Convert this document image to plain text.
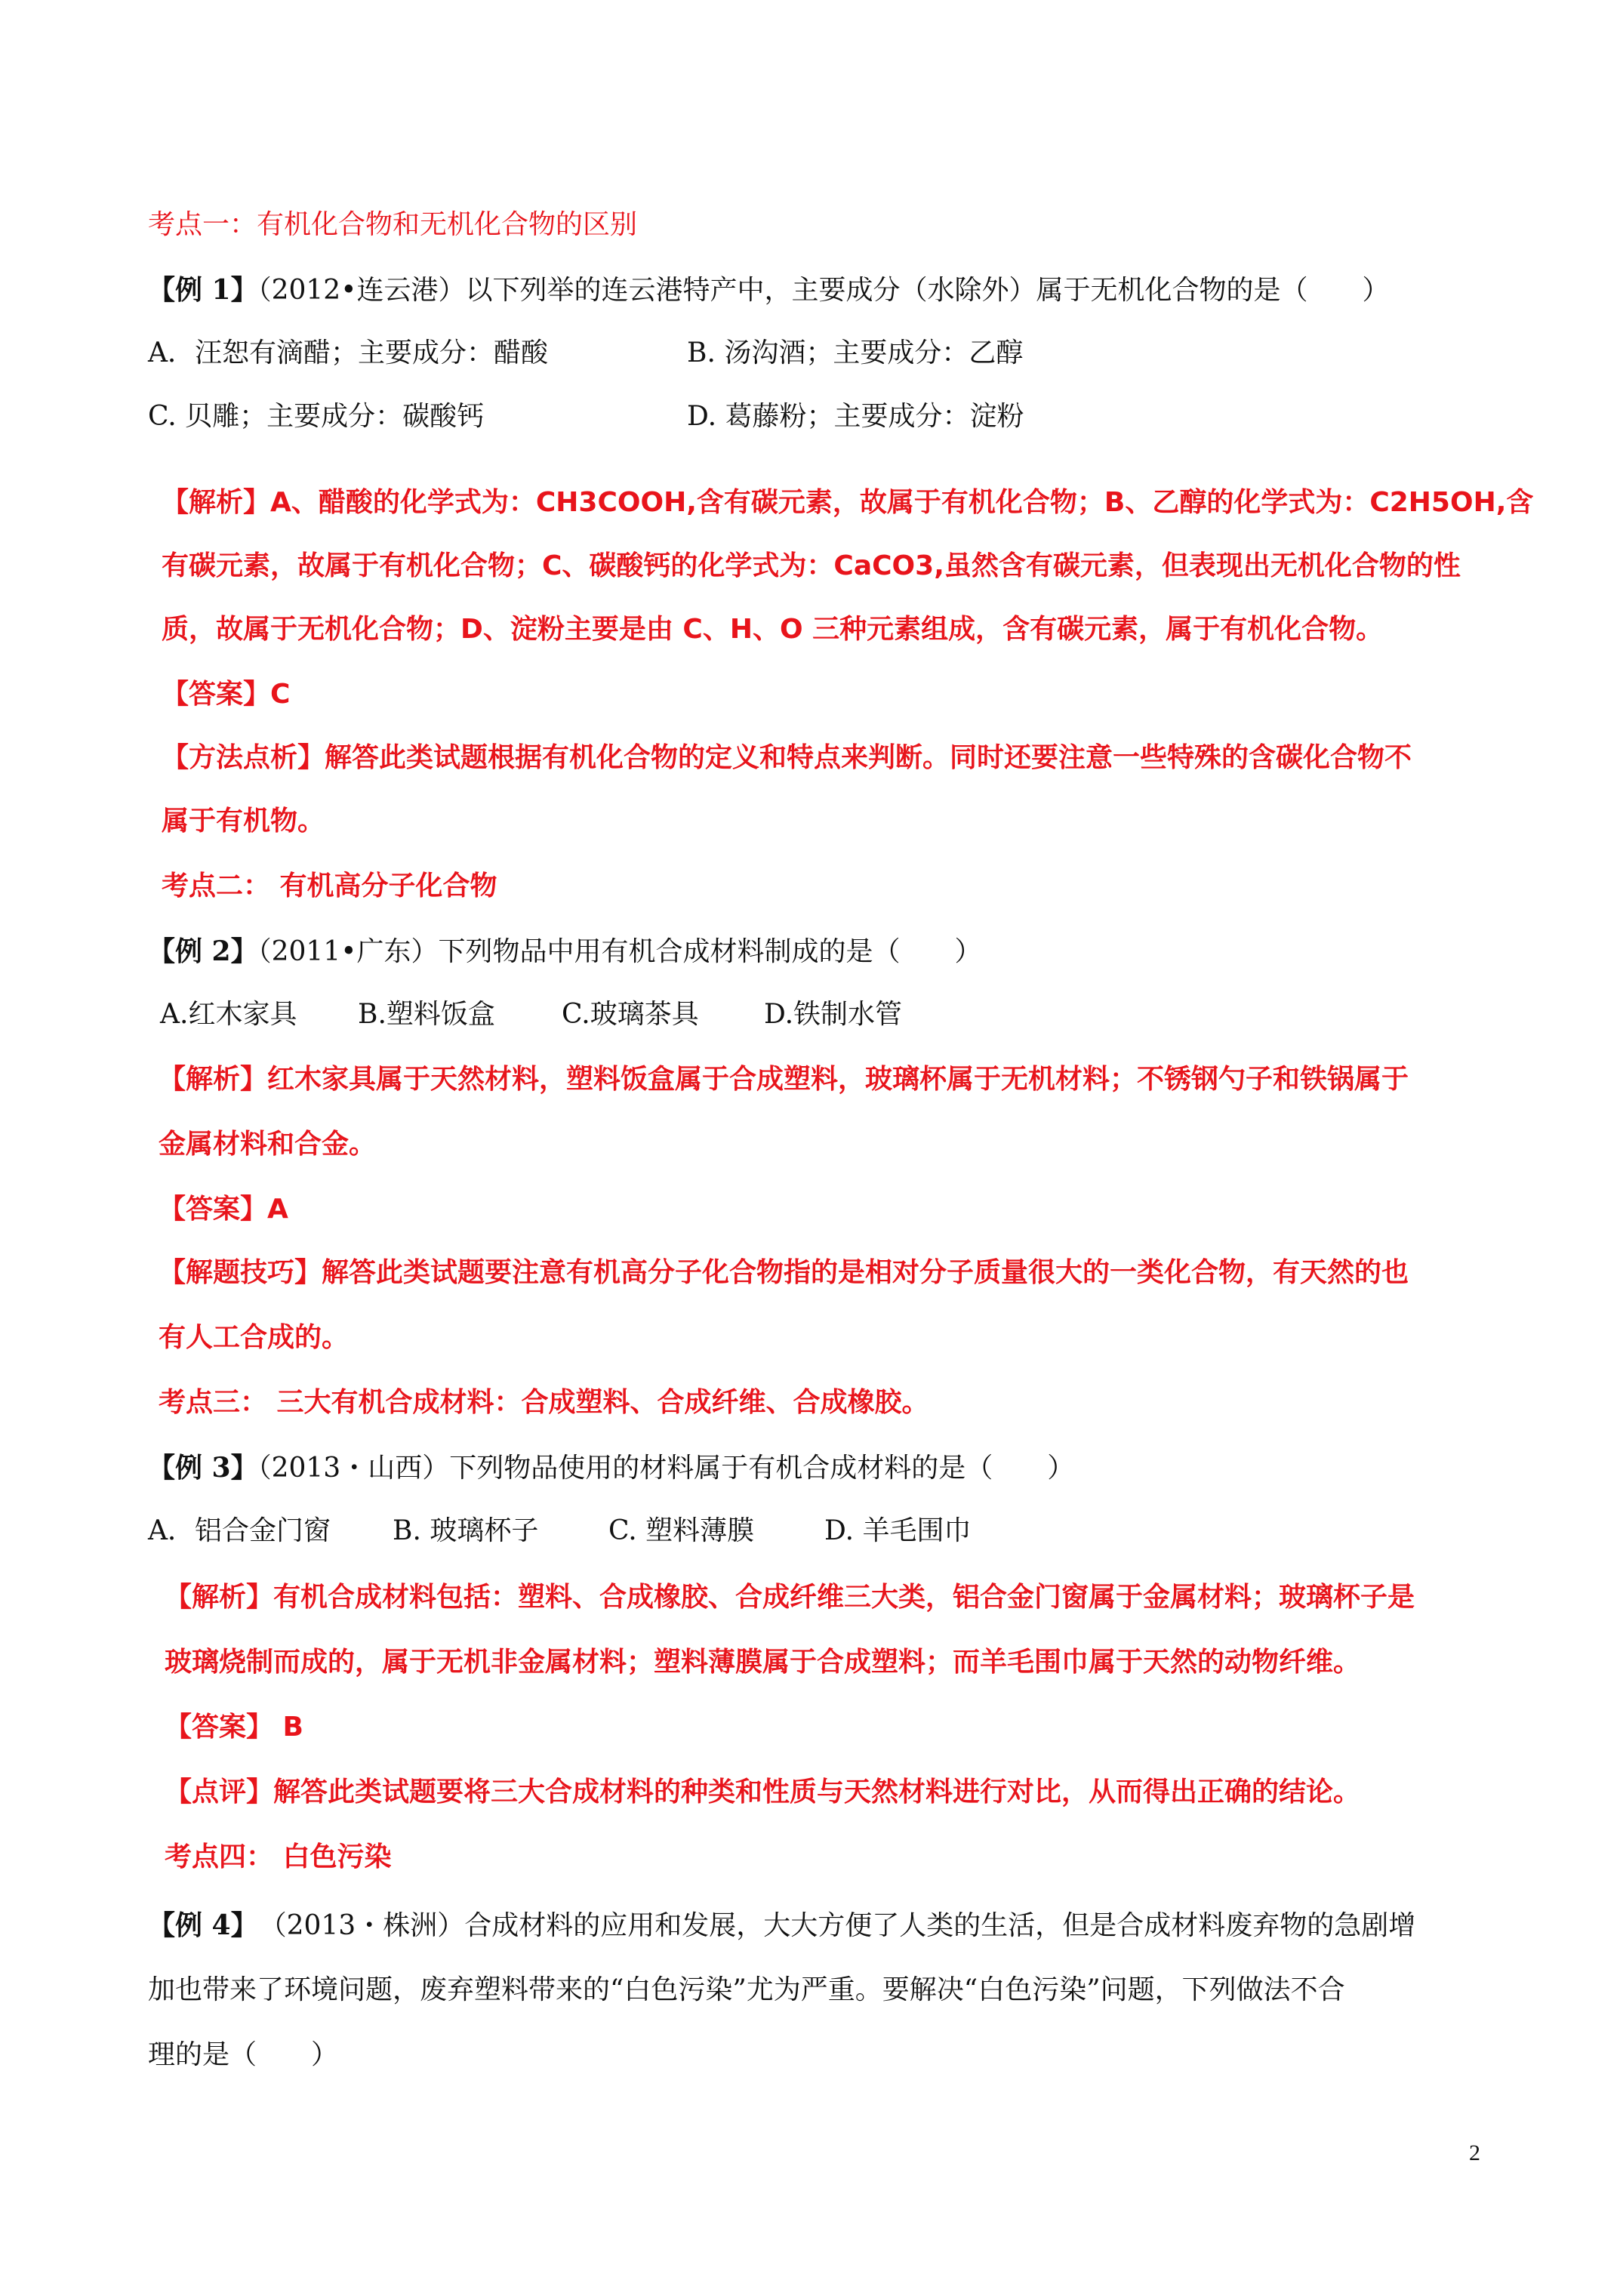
考点一：有机化合物和无机化合物的区别
【例 1】（2012•连云港）以下列举的连云港特产中，主要成分（水除外）属于无机化合物的是（　　）
A．汪恕有滴醋；主要成分：醋酸	B. 汤沟酒；主要成分：乙醇
C. 贝雕；主要成分：碳酸钙	D. 葛藤粉；主要成分：淀粉
【解析】A、醋酸的化学式为：CH3COOH,含有碳元素，故属于有机化合物；B、乙醇的化学式为：C2H5OH,含
有碳元素，故属于有机化合物；C、碳酸钙的化学式为：CaCO3,虽然含有碳元素，但表现出无机化合物的性
质，故属于无机化合物；D、淀粉主要是由 C、H、O 三种元素组成，含有碳元素，属于有机化合物。
【答案】C
【方法点析】解答此类试题根据有机化合物的定义和特点来判断。同时还要注意一些特殊的含碳化合物不
属于有机物。
考点二： 有机高分子化合物
【例 2】（2011•广东）下列物品中用有机合成材料制成的是（　　）
A.红木家具 B.塑料饭盒 C.玻璃茶具 D.铁制水管
【解析】红木家具属于天然材料，塑料饭盒属于合成塑料，玻璃杯属于无机材料；不锈钢勺子和铁锅属于
金属材料和合金。
【答案】A
【解题技巧】解答此类试题要注意有机高分子化合物指的是相对分子质量很大的一类化合物，有天然的也
有人工合成的。
考点三： 三大有机合成材料：合成塑料、合成纤维、合成橡胶。
【例 3】（2013・山西）下列物品使用的材料属于有机合成材料的是（　　）
A．铝合金门窗 B. 玻璃杯子	C. 塑料薄膜	D. 羊毛围巾
【解析】有机合成材料包括：塑料、合成橡胶、合成纤维三大类，铝合金门窗属于金属材料；玻璃杯子是
玻璃烧制而成的，属于无机非金属材料；塑料薄膜属于合成塑料；而羊毛围巾属于天然的动物纤维。
【答案】 B
【点评】解答此类试题要将三大合成材料的种类和性质与天然材料进行对比，从而得出正确的结论。
考点四： 白色污染
【例 4】 （2013・株洲）合成材料的应用和发展，大大方便了人类的生活，但是合成材料废弃物的急剧增
加也带来了环境问题，废弃塑料带来的“白色污染”尤为严重。要解决“白色污染”问题，下列做法不合
理的是（　　）
2
